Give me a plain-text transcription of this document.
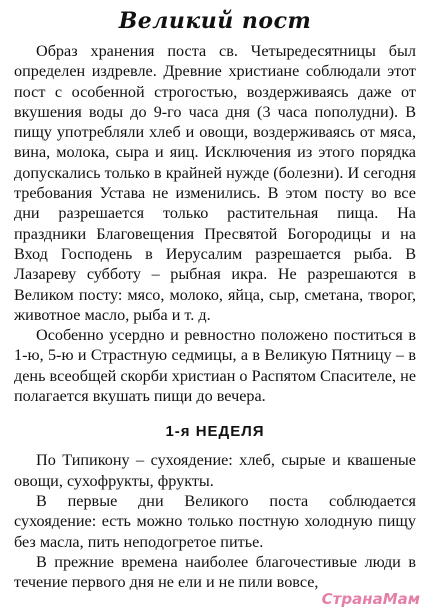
Великий пост

Образ хранения поста св. Четыредесятницы был определен издревле. Древние христиане соблюдали этот пост с особенной строгостью, воздерживаясь даже от вкушения воды до 9-го часа дня (3 часа пополудни). В пищу употребляли хлеб и овощи, воздерживаясь от мяса, вина, молока, сыра и яиц. Исключения из этого порядка допускались только в крайней нужде (болезни). И сегодня требования Устава не изменились. В этом посту во все дни разрешается только растительная пища. На праздники Благовещения Пресвятой Богородицы и на Вход Господень в Иерусалим разрешается рыба. В Лазареву субботу – рыбная икра. Не разрешаются в Великом посту: мясо, молоко, яйца, сыр, сметана, творог, животное масло, рыба и т. д.

Особенно усердно и ревностно положено поститься в 1-ю, 5-ю и Страстную седмицы, а в Великую Пятницу – в день всеобщей скорби христиан о Распятом Спасителе, не полагается вкушать пищи до вечера.

1-я НЕДЕЛЯ

По Типикону – сухоядение: хлеб, сырые и квашеные овощи, сухофрукты, фрукты.

В первые дни Великого поста соблюдается сухоядение: есть можно только постную холодную пищу без масла, пить неподогретое питье.

В прежние времена наиболее благочестивые люди в течение первого дня не ели и не пили вовсе,

СтранаМам
